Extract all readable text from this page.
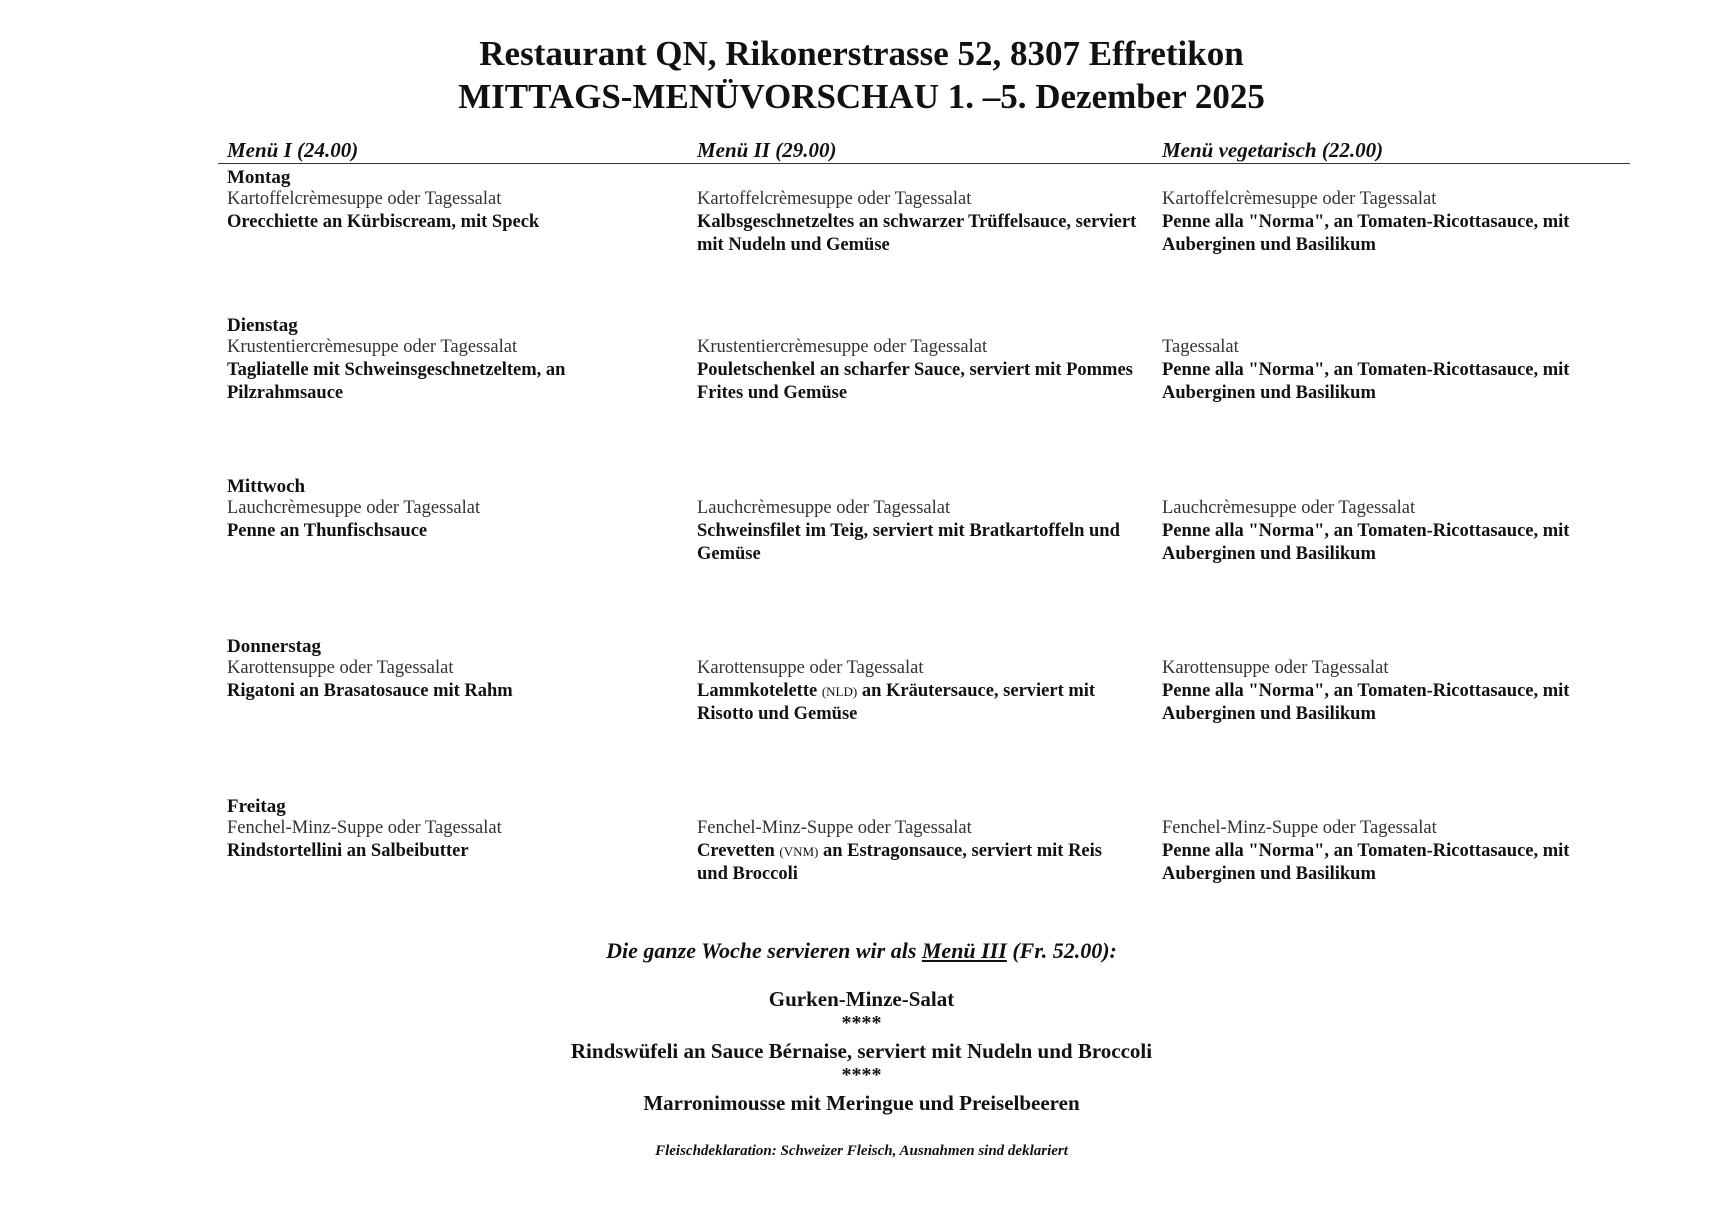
Restaurant QN, Rikonerstrasse 52, 8307 Effretikon
MITTAGS-MENÜVORSCHAU 1. –5. Dezember 2025
Menü I (24.00)	Menü II (29.00)	Menü vegetarisch (22.00)
Montag
Kartoffelcrèmesuppe oder Tagessalat
Orecchiette an Kürbiscream, mit Speck
Kartoffelcrèmesuppe oder Tagessalat
Kalbsgeschnetzeltes an schwarzer Trüffelsauce, serviert mit Nudeln und Gemüse
Kartoffelcrèmesuppe oder Tagessalat
Penne alla "Norma", an Tomaten-Ricottasauce, mit Auberginen und Basilikum
Dienstag
Krustentiercrèmesuppe oder Tagessalat
Tagliatelle mit Schweinsgeschnetzeltem, an Pilzrahmsauce
Krustentiercrèmesuppe oder Tagessalat
Pouletschenkel an scharfer Sauce, serviert mit Pommes Frites und Gemüse
Tagessalat
Penne alla "Norma", an Tomaten-Ricottasauce, mit Auberginen und Basilikum
Mittwoch
Lauchcrèmesuppe oder Tagessalat
Penne an Thunfischsauce
Lauchcrèmesuppe oder Tagessalat
Schweinsfilet im Teig, serviert mit Bratkartoffeln und Gemüse
Lauchcrèmesuppe oder Tagessalat
Penne alla "Norma", an Tomaten-Ricottasauce, mit Auberginen und Basilikum
Donnerstag
Karottensuppe oder Tagessalat
Rigatoni an Brasatosauce mit Rahm
Karottensuppe oder Tagessalat
Lammkotelette (NLD) an Kräutersauce, serviert mit Risotto und Gemüse
Karottensuppe oder Tagessalat
Penne alla "Norma", an Tomaten-Ricottasauce, mit Auberginen und Basilikum
Freitag
Fenchel-Minz-Suppe oder Tagessalat
Rindstortellini an Salbeibutter
Fenchel-Minz-Suppe oder Tagessalat
Crevetten (VNM) an Estragonsauce, serviert mit Reis und Broccoli
Fenchel-Minz-Suppe oder Tagessalat
Penne alla "Norma", an Tomaten-Ricottasauce, mit Auberginen und Basilikum
Die ganze Woche servieren wir als Menü III (Fr. 52.00):
Gurken-Minze-Salat
****
Rindswüfeli an Sauce Bérnaise, serviert mit Nudeln und Broccoli
****
Marronimousse mit Meringue und Preiselbeeren
Fleischdeklaration: Schweizer Fleisch, Ausnahmen sind deklariert
